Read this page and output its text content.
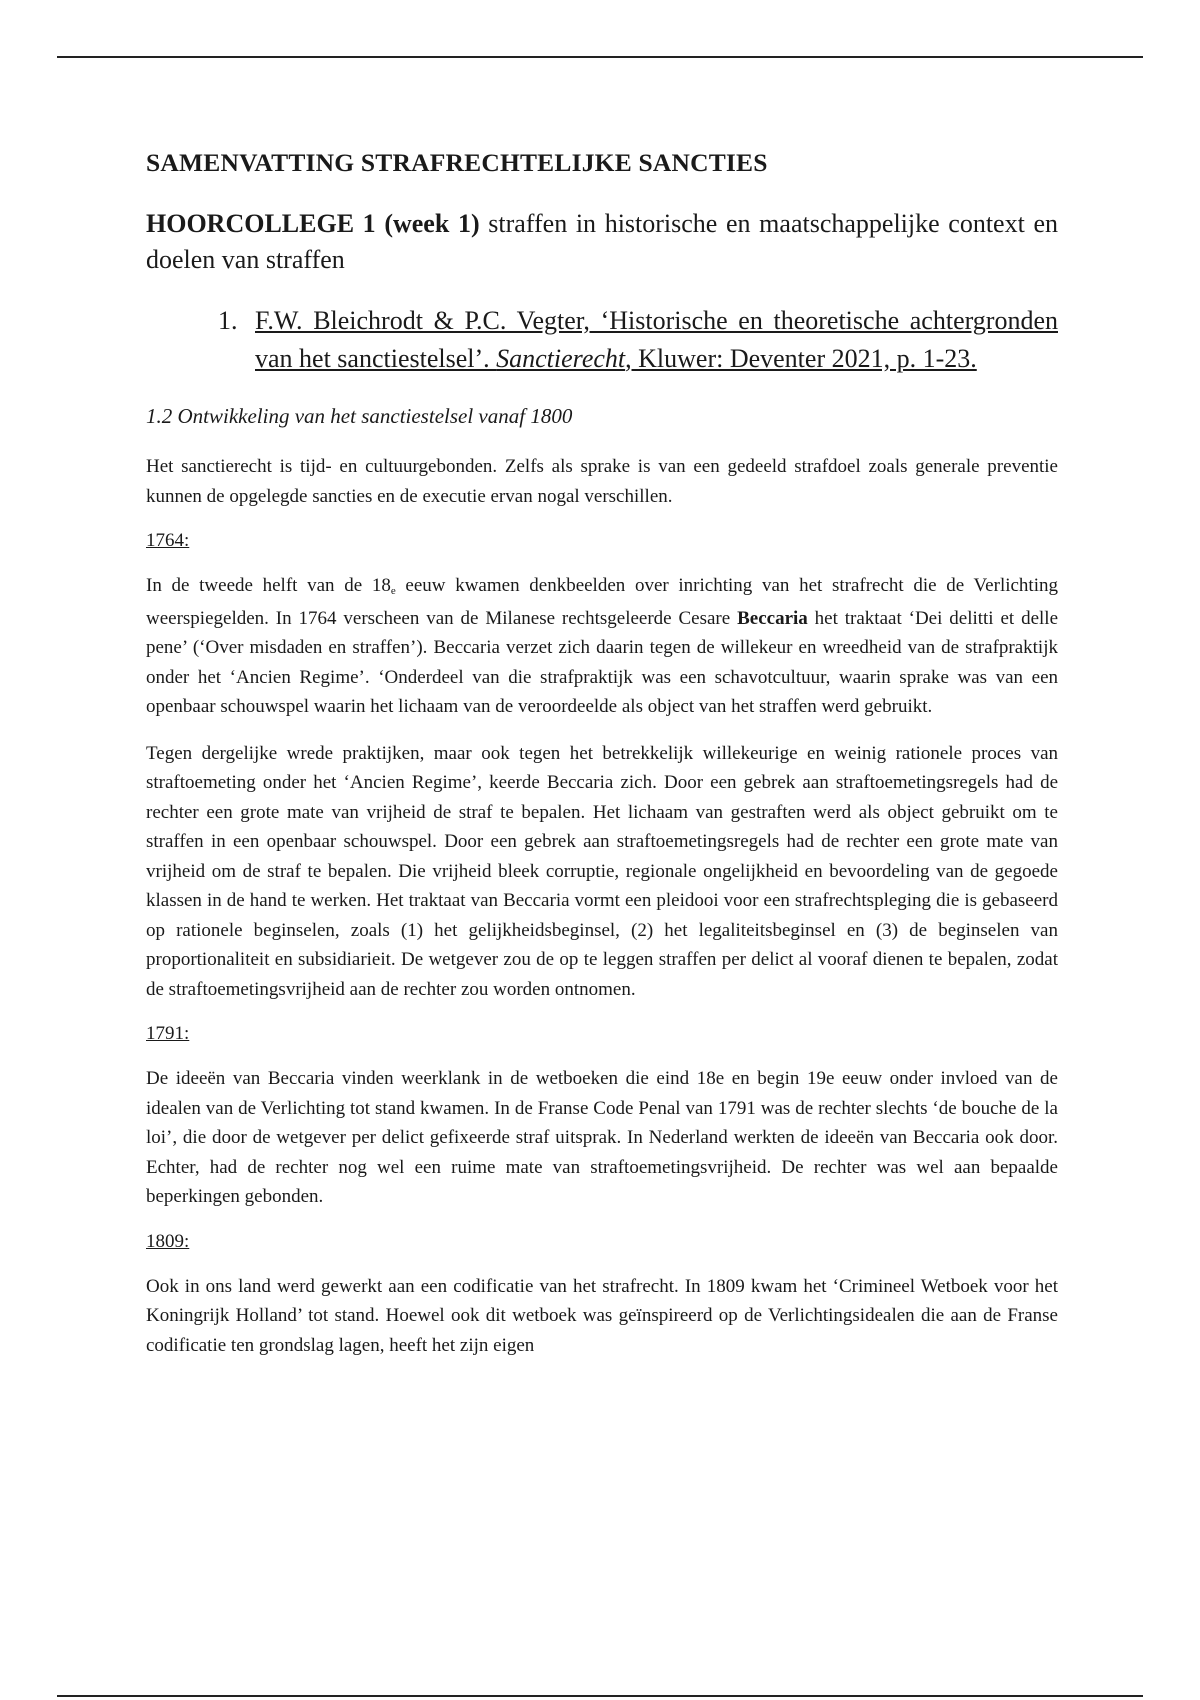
SAMENVATTING STRAFRECHTELIJKE SANCTIES
HOORCOLLEGE 1 (week 1) straffen in historische en maatschappelijke context en doelen van straffen
1. F.W. Bleichrodt & P.C. Vegter, ‘Historische en theoretische achtergronden van het sanctiestelsel’. Sanctierecht, Kluwer: Deventer 2021, p. 1-23.
1.2 Ontwikkeling van het sanctiestelsel vanaf 1800

Het sanctierecht is tijd- en cultuurgebonden. Zelfs als sprake is van een gedeeld strafdoel zoals generale preventie kunnen de opgelegde sancties en de executie ervan nogal verschillen.

1764:

In de tweede helft van de 18e eeuw kwamen denkbeelden over inrichting van het strafrecht die de Verlichting weerspiegelden. In 1764 verscheen van de Milanese rechtsgeleerde Cesare Beccaria het traktaat ‘Dei delitti et delle pene’ (‘Over misdaden en straffen’). Beccaria verzet zich daarin tegen de willekeur en wreedheid van de strafpraktijk onder het ‘Ancien Regime’. ‘Onderdeel van die strafpraktijk was een schavotcultuur, waarin sprake was van een openbaar schouwspel waarin het lichaam van de veroordeelde als object van het straffen werd gebruikt.

Tegen dergelijke wrede praktijken, maar ook tegen het betrekkelijk willekeurige en weinig rationele proces van straftoemeting onder het ‘Ancien Regime’, keerde Beccaria zich. Door een gebrek aan straftoemetingsregels had de rechter een grote mate van vrijheid de straf te bepalen. Het lichaam van gestraften werd als object gebruikt om te straffen in een openbaar schouwspel. Door een gebrek aan straftoemetingsregels had de rechter een grote mate van vrijheid om de straf te bepalen. Die vrijheid bleek corruptie, regionale ongelijkheid en bevoordeling van de gegoede klassen in de hand te werken. Het traktaat van Beccaria vormt een pleidooi voor een strafrechtspleging die is gebaseerd op rationele beginselen, zoals (1) het gelijkheidsbeginsel, (2) het legaliteitsbeginsel en (3) de beginselen van proportionaliteit en subsidiarieit. De wetgever zou de op te leggen straffen per delict al vooraf dienen te bepalen, zodat de straftoemetingsvrijheid aan de rechter zou worden ontnomen.

1791:

De ideeën van Beccaria vinden weerklank in de wetboeken die eind 18e en begin 19e eeuw onder invloed van de idealen van de Verlichting tot stand kwamen. In de Franse Code Penal van 1791 was de rechter slechts ‘de bouche de la loi’, die door de wetgever per delict gefixeerde straf uitsprak. In Nederland werkten de ideeën van Beccaria ook door. Echter, had de rechter nog wel een ruime mate van straftoemetingsvrijheid. De rechter was wel aan bepaalde beperkingen gebonden.

1809:

Ook in ons land werd gewerkt aan een codificatie van het strafrecht. In 1809 kwam het ‘Crimineel Wetboek voor het Koningrijk Holland’ tot stand. Hoewel ook dit wetboek was geïnspireerd op de Verlichtingsidealen die aan de Franse codificatie ten grondslag lagen, heeft het zijn eigen
